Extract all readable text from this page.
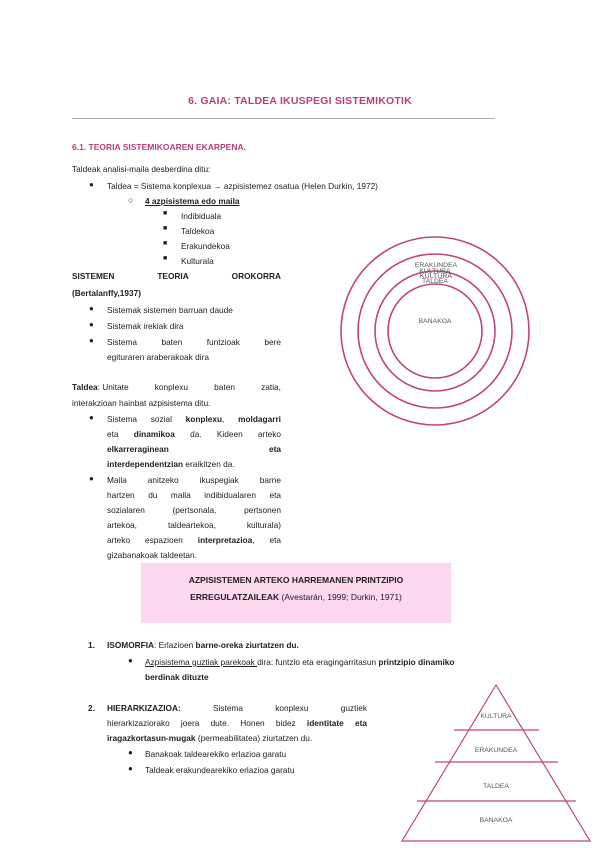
6. GAIA: TALDEA IKUSPEGI SISTEMIKOTIK
6.1. TEORIA SISTEMIKOAREN EKARPENA.
Taldeak analisi-maila desberdina ditu:
● Taldea = Sistema konplexua → azpisistemez osatua (Helen Durkin, 1972)
○ 4 azpisistema edo maila
■ Indibiduala
■ Taldekoa
■ Erakundekoa
■ Kulturala
SISTEMEN	TEORIA	OROKORRA
(Bertalanffy,1937)
● Sistemak sistemen barruan daude
● Sistemak irekiak dira
● Sistema	baten	funtzioak	bere
egituraren araberakoak dira
Taldea: Unitate	konplexu	baten	zatia,
interakzioan hainbat azpisistema ditu.
● Sistema sozial konplexu, moldagarri
eta dinamikoa da. Kideen arteko
elkarreraginean	eta
interdependentzian eraikitzen da.
● Maila anitzeko ikuspegiak barne
hartzen du maila indibidualaren eta
sozialaren (pertsonala, pertsonen
artekoa, taldeartekoa, kulturala)
arteko espazioen interpretazioa, eta
gizabanakoak taldeetan.
KULTURA
KULTURA
ERAKUNDEA
TALDEA
BANAKOA
AZPISISTEMEN ARTEKO HARREMANEN PRINTZIPIO
ERREGULATZAILEAK (Avestarán, 1999; Durkin, 1971)
1. ISOMORFIA: Erlazioen barne-oreka ziurtatzen du.
● Azpisistema guztiak parekoak dira: funtzio eta eragingarritasun printzipio dinamiko
berdinak dituzte
2. HIERARKIZAZIOA:	Sistema	konplexu	guztiek
hierarkizaziorako joera dute. Honen bidez identitate eta
iragazkortasun-mugak (permeabilitatea) ziurtatzen du.
● Banakoak taldearekiko erlazioa garatu
● Taldeak erakundearekiko erlazioa garatu
KULTURA
ERAKUNDEA
TALDEA
BANAKOA
